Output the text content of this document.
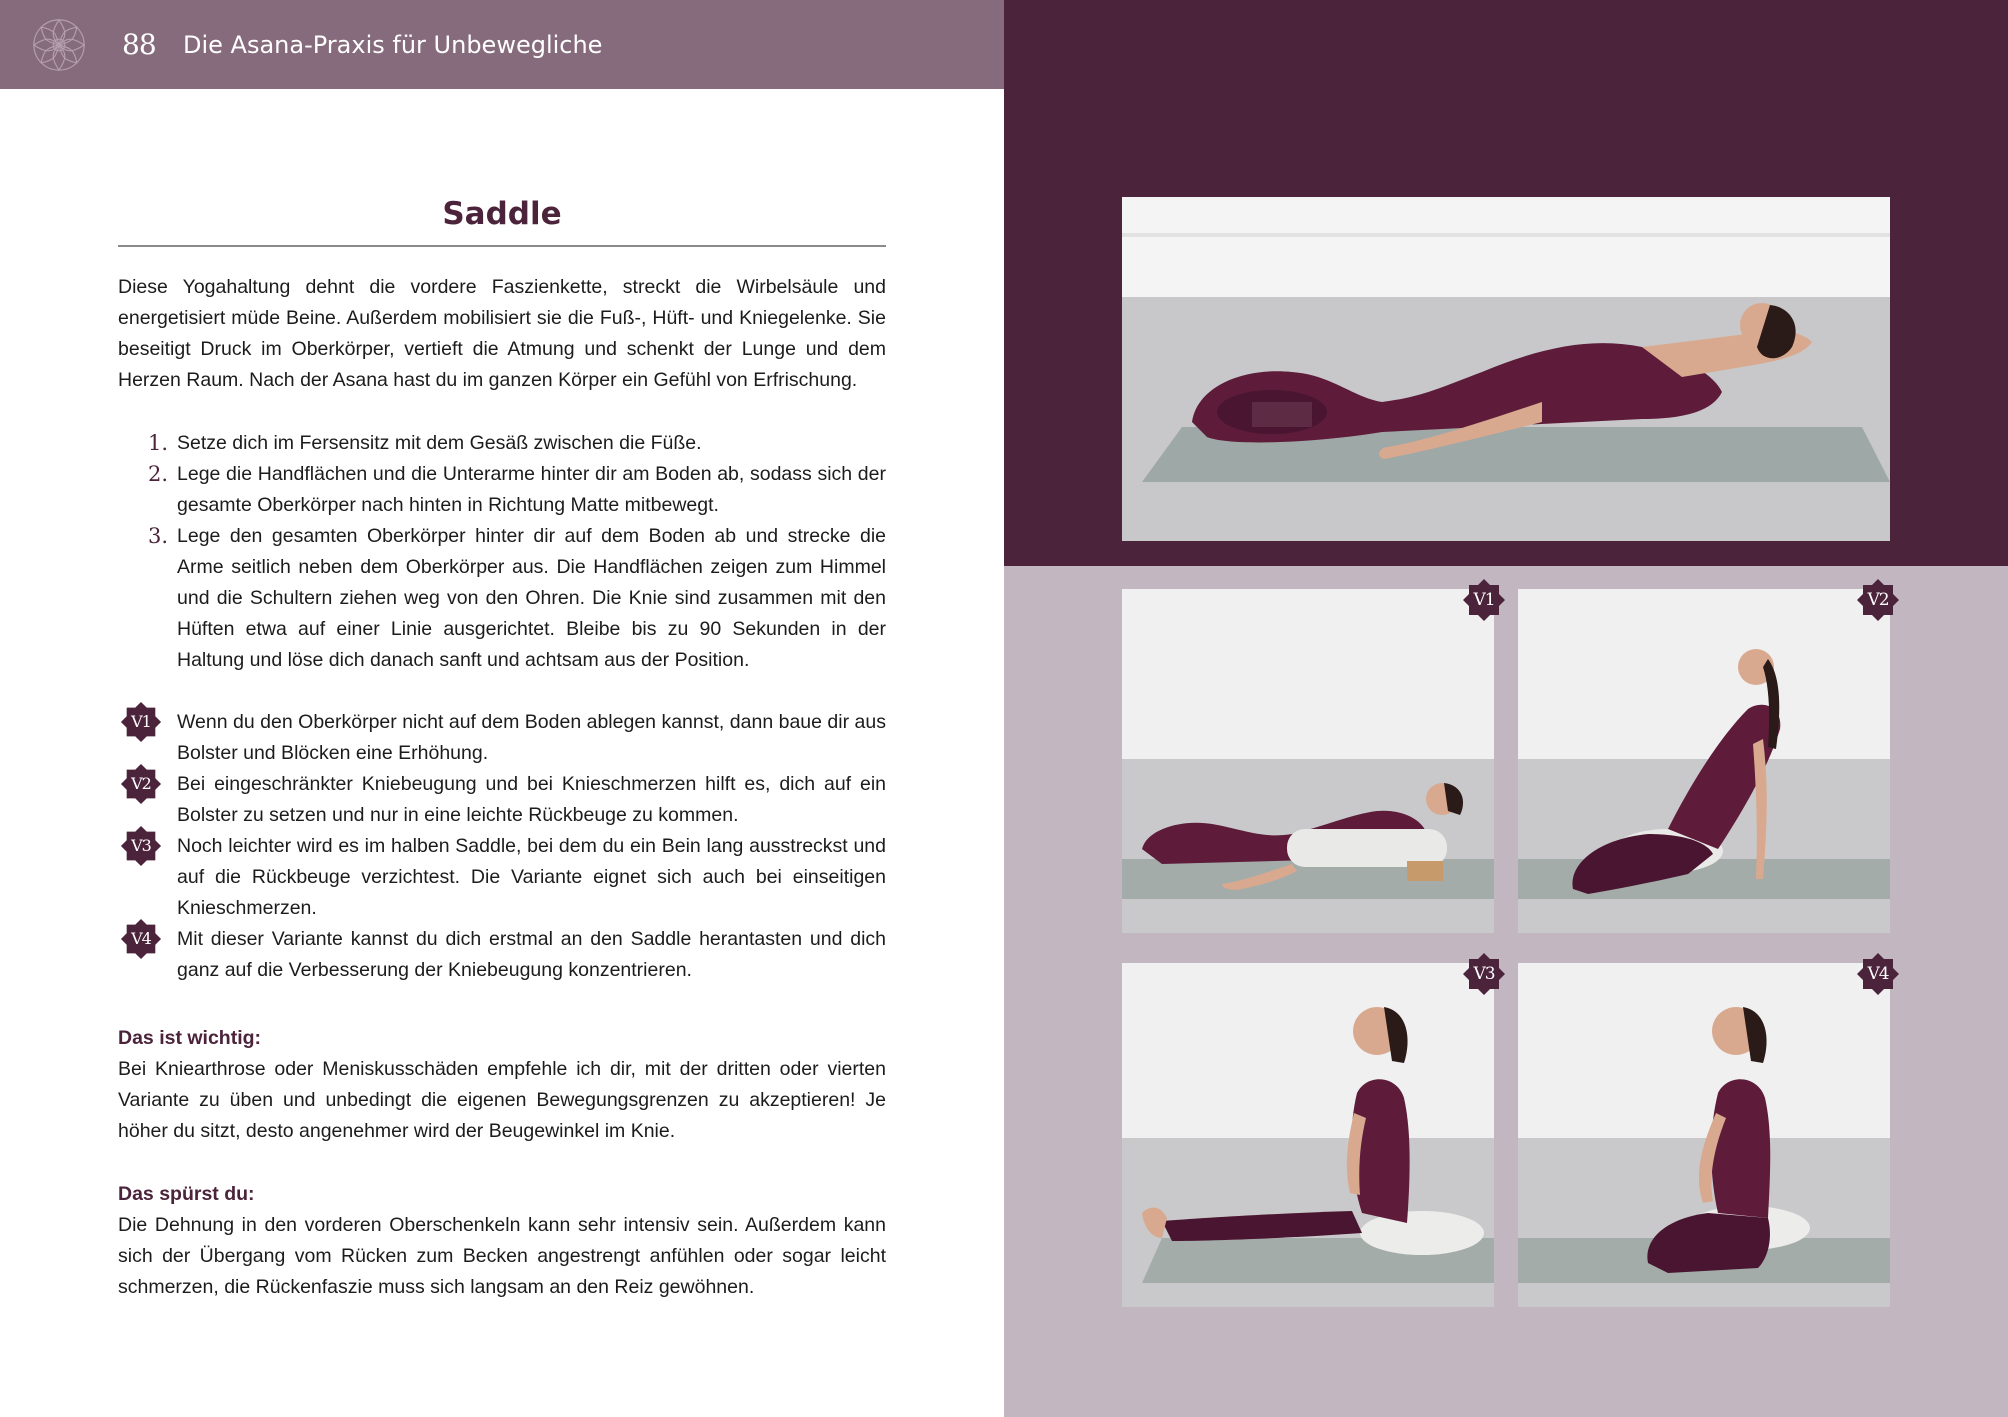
88 Die Asana-Praxis für Unbewegliche
Saddle

Diese Yogahaltung dehnt die vordere Faszienkette, streckt die Wirbelsäule und energetisiert müde Beine. Außerdem mobilisiert sie die Fuß-, Hüft- und Kniegelenke. Sie beseitigt Druck im Oberkörper, vertieft die Atmung und schenkt der Lunge und dem Herzen Raum. Nach der Asana hast du im ganzen Körper ein Gefühl von Erfrischung.

1. Setze dich im Fersensitz mit dem Gesäß zwischen die Füße.
2. Lege die Handflächen und die Unterarme hinter dir am Boden ab, sodass sich der gesamte Oberkörper nach hinten in Richtung Matte mitbewegt.
3. Lege den gesamten Oberkörper hinter dir auf dem Boden ab und strecke die Arme seitlich neben dem Oberkörper aus. Die Handflächen zeigen zum Himmel und die Schultern ziehen weg von den Ohren. Die Knie sind zusammen mit den Hüften etwa auf einer Linie ausgerichtet. Bleibe bis zu 90 Sekunden in der Haltung und löse dich danach sanft und achtsam aus der Position.
V1	Wenn du den Oberkörper nicht auf dem Boden ablegen kannst, dann baue dir aus Bolster und Blöcken eine Erhöhung.
V2	Bei eingeschränkter Kniebeugung und bei Knieschmerzen hilft es, dich auf ein Bolster zu setzen und nur in eine leichte Rückbeuge zu kommen.
V3	Noch leichter wird es im halben Saddle, bei dem du ein Bein lang ausstreckst und auf die Rückbeuge verzichtest. Die Variante eignet sich auch bei einseitigen Knieschmerzen.
V4	Mit dieser Variante kannst du dich erstmal an den Saddle herantasten und dich ganz auf die Verbesserung der Kniebeugung konzentrieren.
Das ist wichtig:

Bei Kniearthrose oder Meniskusschäden empfehle ich dir, mit der dritten oder vierten Variante zu üben und unbedingt die eigenen Bewegungsgrenzen zu akzeptieren! Je höher du sitzt, desto angenehmer wird der Beugewinkel im Knie.

Das spürst du:

Die Dehnung in den vorderen Oberschenkeln kann sehr intensiv sein. Außerdem kann sich der Übergang vom Rücken zum Becken angestrengt anfühlen oder sogar leicht schmerzen, die Rückenfaszie muss sich langsam an den Reiz gewöhnen.

V1	V2
V3	V4
